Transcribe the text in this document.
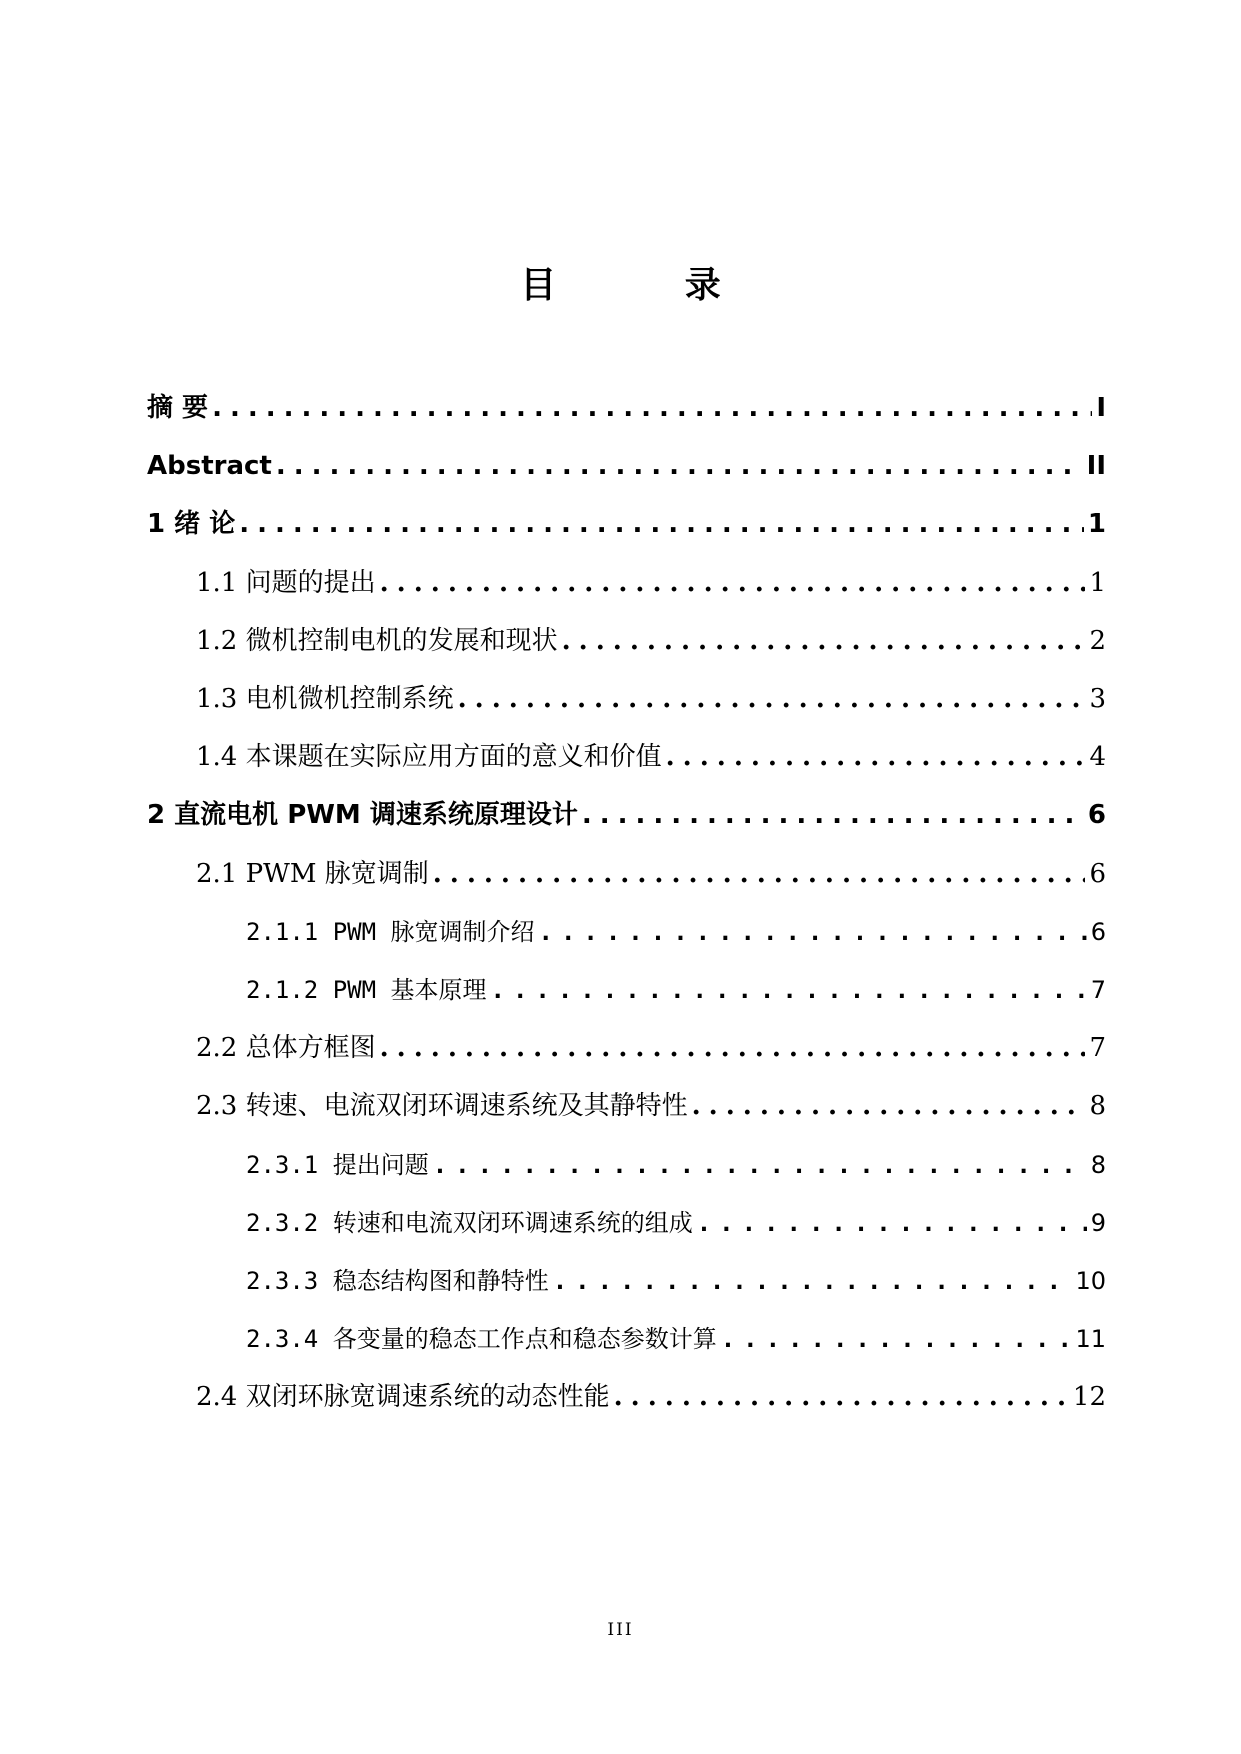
目 录
摘 要 .....	I
Abstract .....	II
1 绪 论 .....	1
1.1 问题的提出 .....	1
1.2 微机控制电机的发展和现状 .....	2
1.3 电机微机控制系统 .....	3
1.4 本课题在实际应用方面的意义和价值 .....	4
2 直流电机 PWM 调速系统原理设计 .....	6
2.1 PWM 脉宽调制 .....	6
2.1.1 PWM 脉宽调制介绍 .....	6
2.1.2 PWM 基本原理 .....	7
2.2 总体方框图 .....	7
2.3 转速、电流双闭环调速系统及其静特性 .....	8
2.3.1 提出问题 .....	8
2.3.2 转速和电流双闭环调速系统的组成 .....	9
2.3.3 稳态结构图和静特性 .....	10
2.3.4 各变量的稳态工作点和稳态参数计算 .....	11
2.4 双闭环脉宽调速系统的动态性能 .....	12
III
